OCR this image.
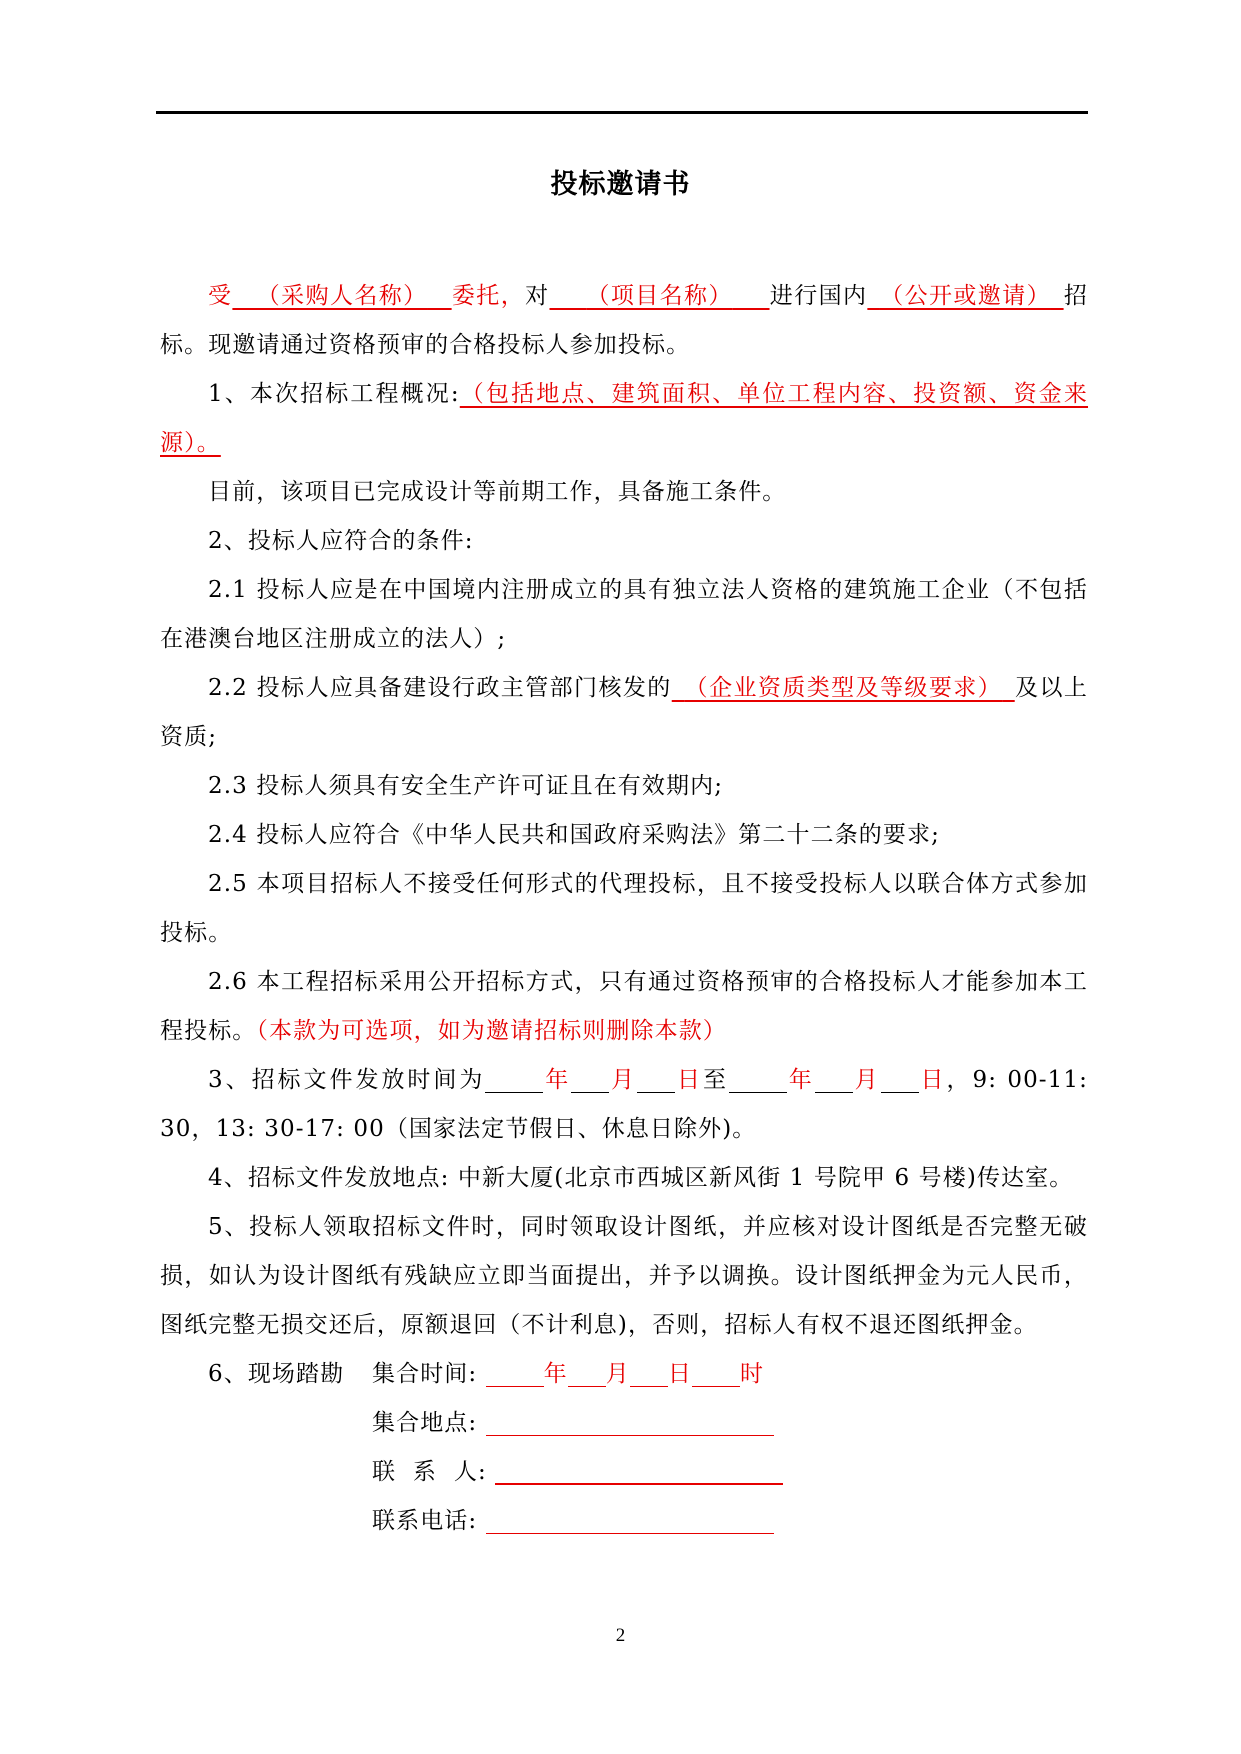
投标邀请书

受  （采购人名称）  委托，对   （项目名称）   进行国内  （公开或邀请）  招标。现邀请通过资格预审的合格投标人参加投标。

1、本次招标工程概况:（包括地点、建筑面积、单位工程内容、投资额、资金来源）。

目前，该项目已完成设计等前期工作，具备施工条件。

2、投标人应符合的条件:

2.1 投标人应是在中国境内注册成立的具有独立法人资格的建筑施工企业（不包括在港澳台地区注册成立的法人）;

2.2 投标人应具备建设行政主管部门核发的  （企业资质类型及等级要求）  及以上资质;

2.3 投标人须具有安全生产许可证且在有效期内;

2.4 投标人应符合《中华人民共和国政府采购法》第二十二条的要求;

2.5 本项目招标人不接受任何形式的代理投标，且不接受投标人以联合体方式参加投标。

2.6 本工程招标采用公开招标方式，只有通过资格预审的合格投标人才能参加本工程投标。（本款为可选项，如为邀请招标则删除本款）

3、招标文件发放时间为	年 月 日至	年 月 日，9: 00-11: 30，13: 30-17: 00（国家法定节假日、休息日除外)。

4、招标文件发放地点: 中新大厦(北京市西城区新风街 1 号院甲 6 号楼)传达室。

5、投标人领取招标文件时，同时领取设计图纸，并应核对设计图纸是否完整无破损，如认为设计图纸有残缺应立即当面提出，并予以调换。设计图纸押金为元人民币，图纸完整无损交还后，原额退回（不计利息)，否则，招标人有权不退还图纸押金。

6、现场踏勘 集合时间:	年 月 日 时
集合地点:
联  系  人:
联系电话:
2
